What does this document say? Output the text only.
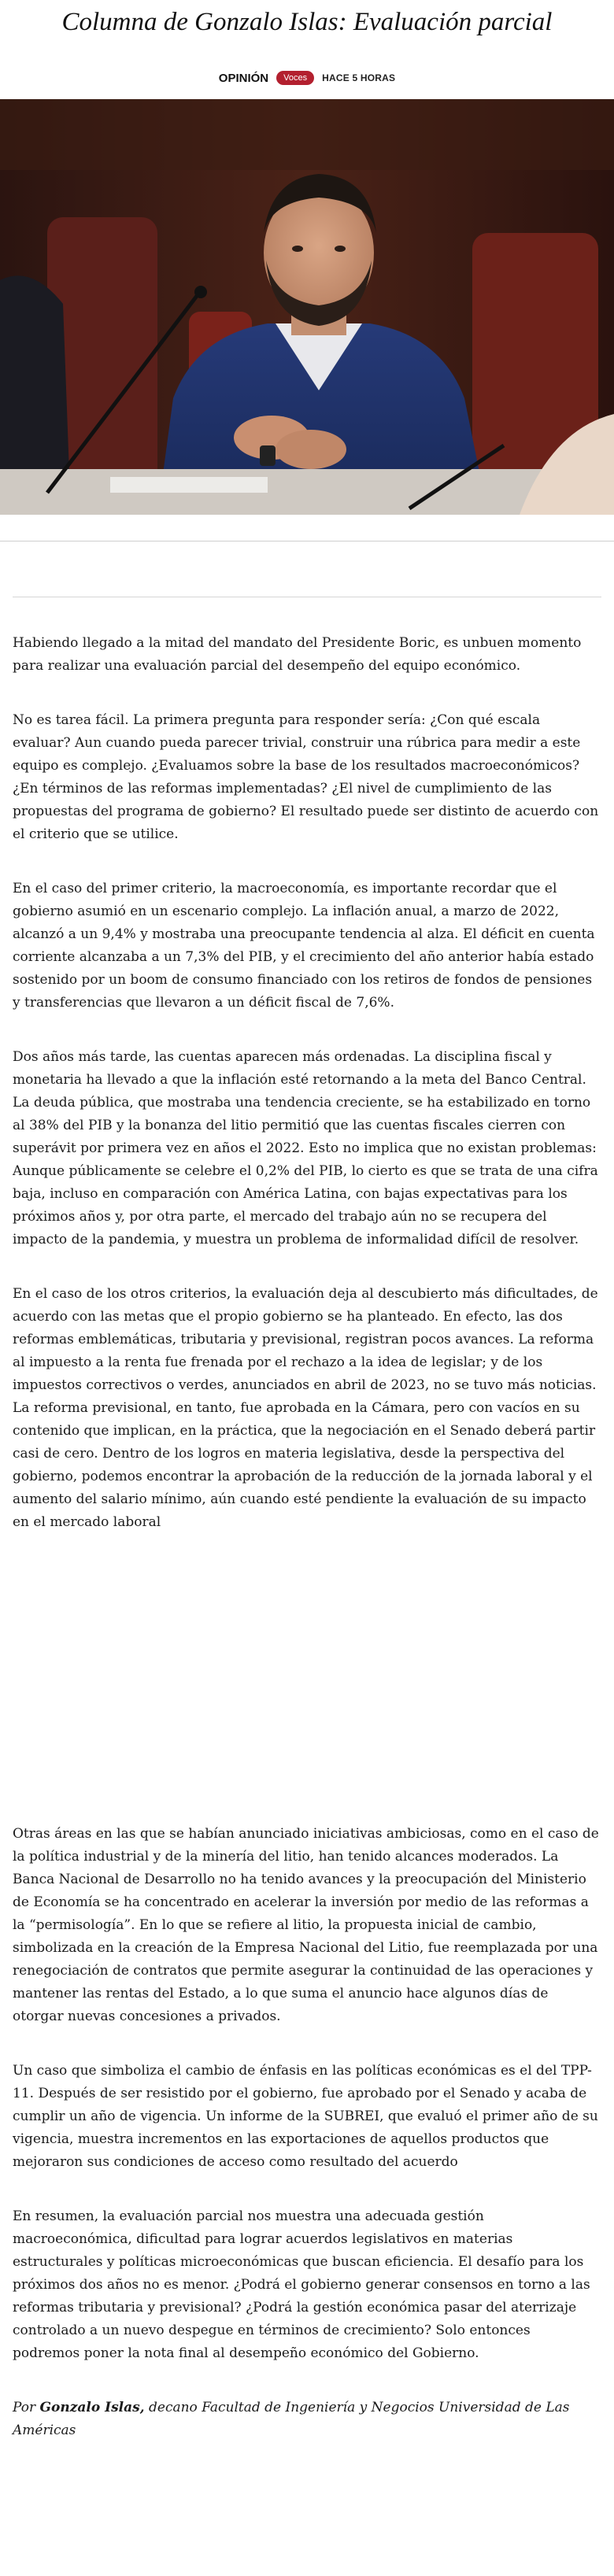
Columna de Gonzalo Islas: Evaluación parcial
OPINIÓN	Voces	HACE 5 HORAS

Habiendo llegado a la mitad del mandato del Presidente Boric, es unbuen momento para realizar una evaluación parcial del desempeño del equipo económico.

No es tarea fácil. La primera pregunta para responder sería: ¿Con qué escala evaluar? Aun cuando pueda parecer trivial, construir una rúbrica para medir a este equipo es complejo. ¿Evaluamos sobre la base de los resultados macroeconómicos? ¿En términos de las reformas implementadas? ¿El nivel de cumplimiento de las propuestas del programa de gobierno? El resultado puede ser distinto de acuerdo con el criterio que se utilice.

En el caso del primer criterio, la macroeconomía, es importante recordar que el gobierno asumió en un escenario complejo. La inflación anual, a marzo de 2022, alcanzó a un 9,4% y mostraba una preocupante tendencia al alza. El déficit en cuenta corriente alcanzaba a un 7,3% del PIB, y el crecimiento del año anterior había estado sostenido por un boom de consumo financiado con los retiros de fondos de pensiones y transferencias que llevaron a un déficit fiscal de 7,6%.

Dos años más tarde, las cuentas aparecen más ordenadas. La disciplina fiscal y monetaria ha llevado a que la inflación esté retornando a la meta del Banco Central. La deuda pública, que mostraba una tendencia creciente, se ha estabilizado en torno al 38% del PIB y la bonanza del litio permitió que las cuentas fiscales cierren con superávit por primera vez en años el 2022. Esto no implica que no existan problemas: Aunque públicamente se celebre el 0,2% del PIB, lo cierto es que se trata de una cifra baja, incluso en comparación con América Latina, con bajas expectativas para los próximos años y, por otra parte, el mercado del trabajo aún no se recupera del impacto de la pandemia, y muestra un problema de informalidad difícil de resolver.

En el caso de los otros criterios, la evaluación deja al descubierto más dificultades, de acuerdo con las metas que el propio gobierno se ha planteado. En efecto, las dos reformas emblemáticas, tributaria y previsional, registran pocos avances. La reforma al impuesto a la renta fue frenada por el rechazo a la idea de legislar; y de los impuestos correctivos o verdes, anunciados en abril de 2023, no se tuvo más noticias. La reforma previsional, en tanto, fue aprobada en la Cámara, pero con vacíos en su contenido que implican, en la práctica, que la negociación en el Senado deberá partir casi de cero. Dentro de los logros en materia legislativa, desde la perspectiva del gobierno, podemos encontrar la aprobación de la reducción de la jornada laboral y el aumento del salario mínimo, aún cuando esté pendiente la evaluación de su impacto en el mercado laboral

Otras áreas en las que se habían anunciado iniciativas ambiciosas, como en el caso de la política industrial y de la minería del litio, han tenido alcances moderados. La Banca Nacional de Desarrollo no ha tenido avances y la preocupación del Ministerio de Economía se ha concentrado en acelerar la inversión por medio de las reformas a la “permisología”. En lo que se refiere al litio, la propuesta inicial de cambio, simbolizada en la creación de la Empresa Nacional del Litio, fue reemplazada por una renegociación de contratos que permite asegurar la continuidad de las operaciones y mantener las rentas del Estado, a lo que suma el anuncio hace algunos días de otorgar nuevas concesiones a privados.

Un caso que simboliza el cambio de énfasis en las políticas económicas es el del TPP-11. Después de ser resistido por el gobierno, fue aprobado por el Senado y acaba de cumplir un año de vigencia. Un informe de la SUBREI, que evaluó el primer año de su vigencia, muestra incrementos en las exportaciones de aquellos productos que mejoraron sus condiciones de acceso como resultado del acuerdo

En resumen, la evaluación parcial nos muestra una adecuada gestión macroeconómica, dificultad para lograr acuerdos legislativos en materias estructurales y políticas microeconómicas que buscan eficiencia. El desafío para los próximos dos años no es menor. ¿Podrá el gobierno generar consensos en torno a las reformas tributaria y previsional? ¿Podrá la gestión económica pasar del aterrizaje controlado a un nuevo despegue en términos de crecimiento? Solo entonces podremos poner la nota final al desempeño económico del Gobierno.

Por Gonzalo Islas, decano Facultad de Ingeniería y Negocios Universidad de Las Américas
